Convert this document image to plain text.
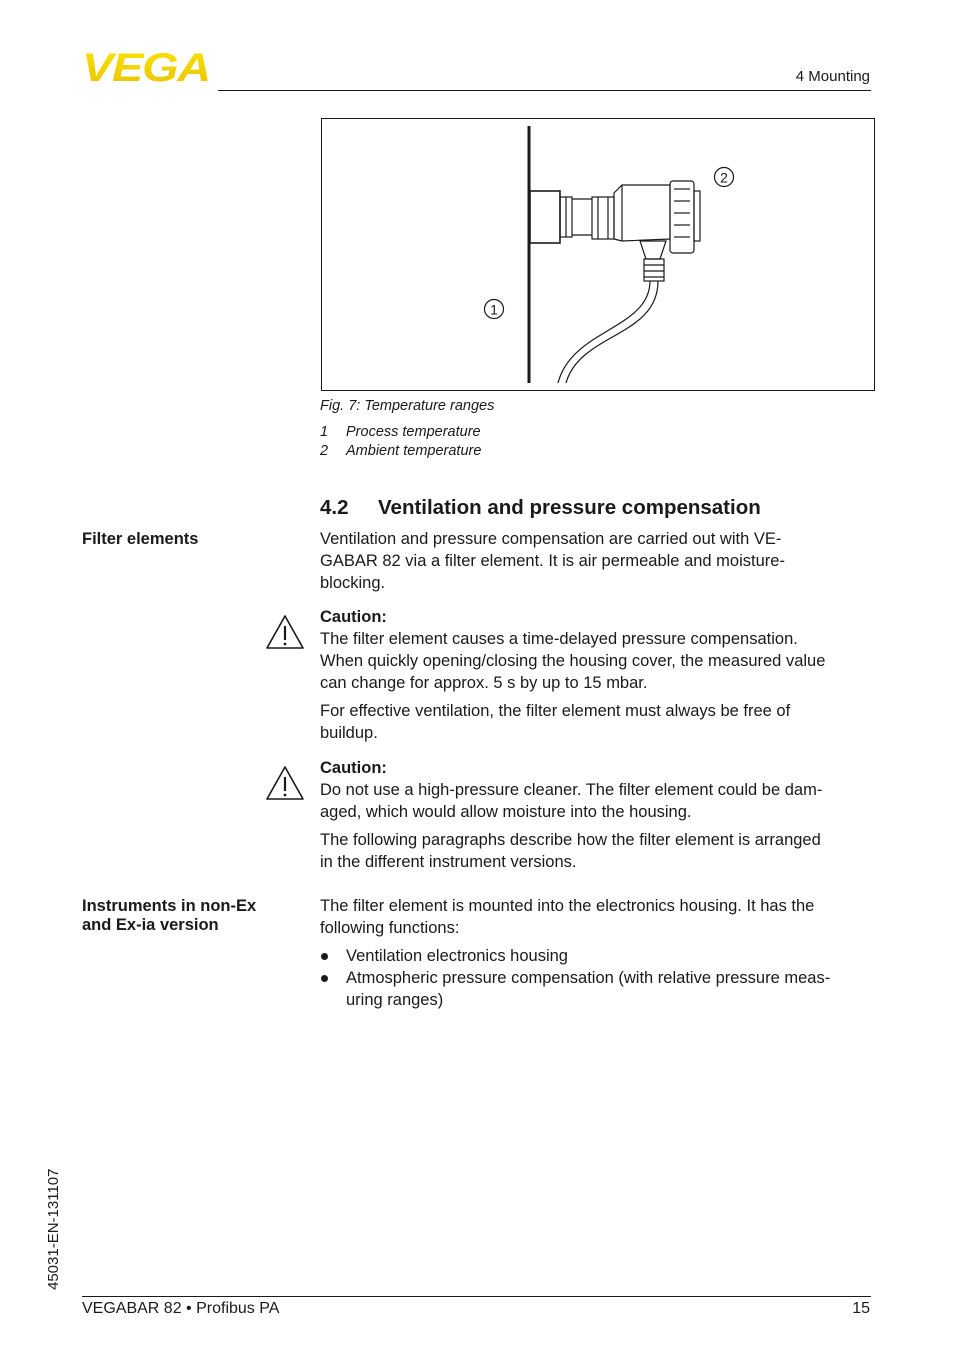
VEGA	4 Mounting
2
1
Fig. 7: Temperature ranges
1 Process temperature
2 Ambient temperature
4.2 Ventilation and pressure compensation
Filter elements	Ventilation and pressure compensation are carried out with VE-
GABAR 82 via a filter element. It is air permeable and moisture-
blocking.
Caution:
The filter element causes a time-delayed pressure compensation.
When quickly opening/closing the housing cover, the measured value
can change for approx. 5 s by up to 15 mbar.
For effective ventilation, the filter element must always be free of
buildup.
Caution:
Do not use a high-pressure cleaner. The filter element could be dam-
aged, which would allow moisture into the housing.
The following paragraphs describe how the filter element is arranged
in the different instrument versions.
Instruments in non-Ex
and Ex-ia version
The filter element is mounted into the electronics housing. It has the
following functions:
Ventilation electronics housing
Atmospheric pressure compensation (with relative pressure meas-
uring ranges)
45031-EN-131107
VEGABAR 82 • Profibus PA	15
